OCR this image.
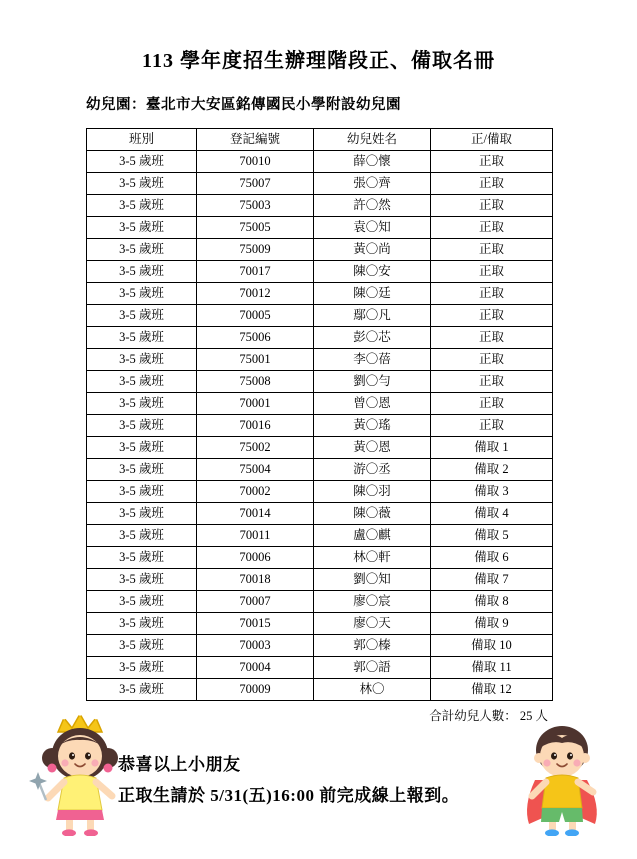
113 學年度招生辦理階段正、備取名冊
幼兒園：臺北市大安區銘傳國民小學附設幼兒園
班別	登記編號	幼兒姓名	正/備取
3-5 歲班	70010	薛〇懷	正取
3-5 歲班	75007	張〇齊	正取
3-5 歲班	75003	許〇然	正取
3-5 歲班	75005	袁〇知	正取
3-5 歲班	75009	黃〇尚	正取
3-5 歲班	70017	陳〇安	正取
3-5 歲班	70012	陳〇廷	正取
3-5 歲班	70005	鄢〇凡	正取
3-5 歲班	75006	彭〇芯	正取
3-5 歲班	75001	李〇蓓	正取
3-5 歲班	75008	劉〇勻	正取
3-5 歲班	70001	曾〇恩	正取
3-5 歲班	70016	黃〇瑤	正取
3-5 歲班	75002	黃〇恩	備取 1
3-5 歲班	75004	游〇丞	備取 2
3-5 歲班	70002	陳〇羽	備取 3
3-5 歲班	70014	陳〇薇	備取 4
3-5 歲班	70011	盧〇麒	備取 5
3-5 歲班	70006	林〇軒	備取 6
3-5 歲班	70018	劉〇知	備取 7
3-5 歲班	70007	廖〇宸	備取 8
3-5 歲班	70015	廖〇天	備取 9
3-5 歲班	70003	郭〇榛	備取 10
3-5 歲班	70004	郭〇語	備取 11
3-5 歲班	70009	林〇	備取 12
合計幼兒人數： 25 人
恭喜以上小朋友
正取生請於 5/31(五)16:00 前完成線上報到。
